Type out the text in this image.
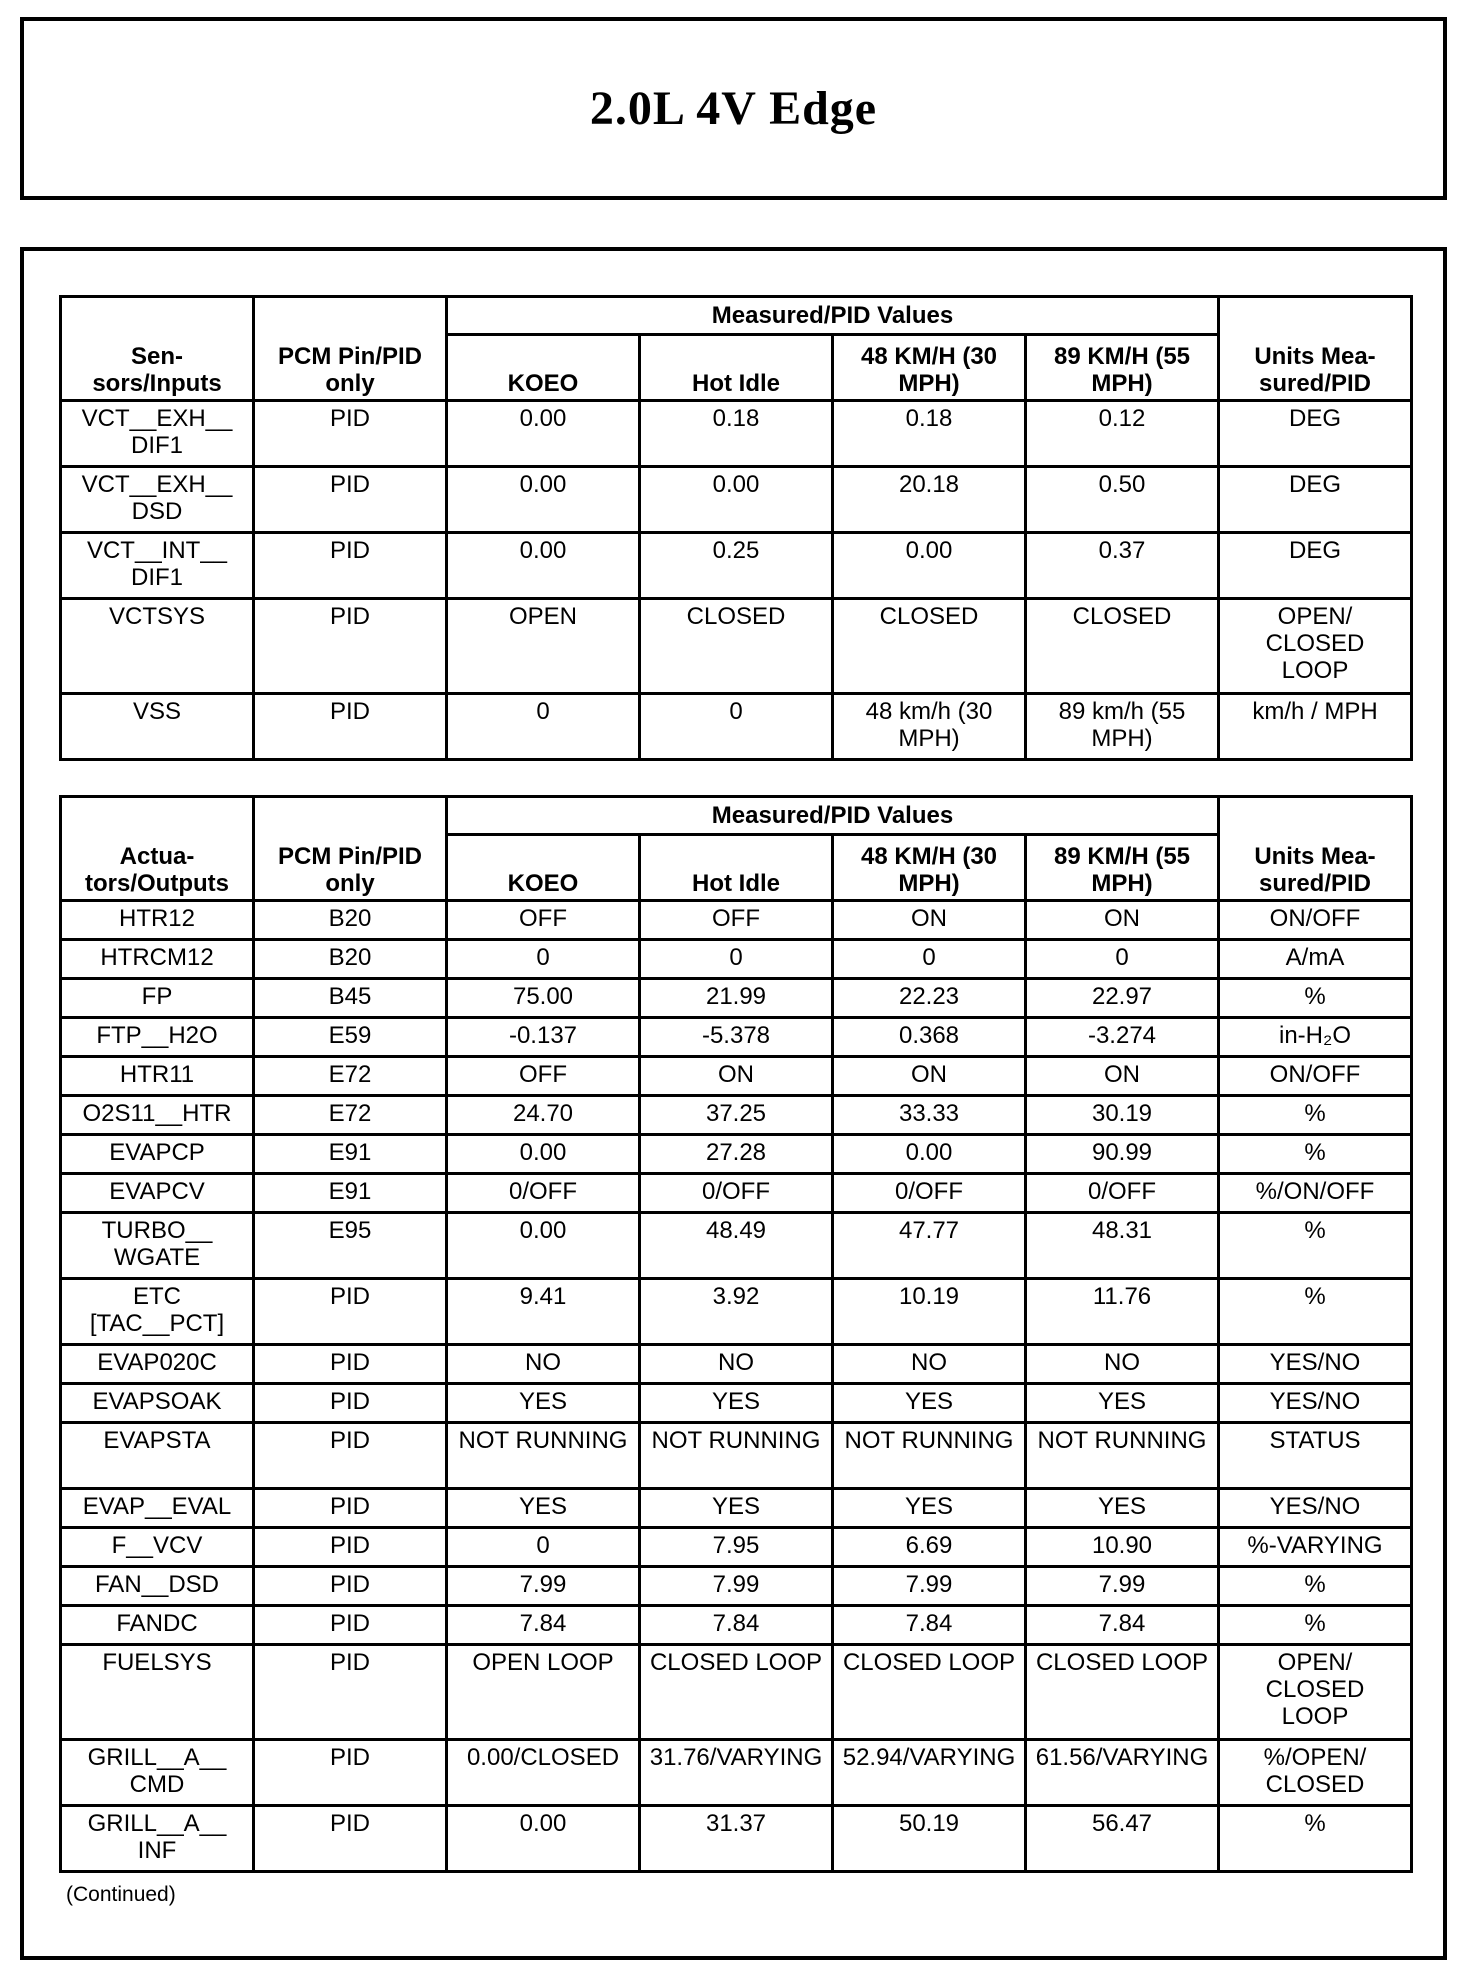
2.0L 4V Edge
Sen-
sors/Inputs	PCM Pin/PID only	Measured/PID Values				Units Mea-
sured/PID
		KOEO	Hot Idle	48 KM/H (30 MPH)	89 KM/H (55 MPH)	
VCT__EXH__
DIF1	PID	0.00	0.18	0.18	0.12	DEG
VCT__EXH__
DSD	PID	0.00	0.00	20.18	0.50	DEG
VCT__INT__
DIF1	PID	0.00	0.25	0.00	0.37	DEG
VCTSYS	PID	OPEN	CLOSED	CLOSED	CLOSED	OPEN/
CLOSED
LOOP
VSS	PID	0	0	48 km/h (30 MPH)	89 km/h (55 MPH)	km/h / MPH
Actua-
tors/Outputs	PCM Pin/PID only	Measured/PID Values				Units Mea-
sured/PID
		KOEO	Hot Idle	48 KM/H (30 MPH)	89 KM/H (55 MPH)	
HTR12	B20	OFF	OFF	ON	ON	ON/OFF
HTRCM12	B20	0	0	0	0	A/mA
FP	B45	75.00	21.99	22.23	22.97	%
FTP__H2O	E59	-0.137	-5.378	0.368	-3.274	in-H₂O
HTR11	E72	OFF	ON	ON	ON	ON/OFF
O2S11__HTR	E72	24.70	37.25	33.33	30.19	%
EVAPCP	E91	0.00	27.28	0.00	90.99	%
EVAPCV	E91	0/OFF	0/OFF	0/OFF	0/OFF	%/ON/OFF
TURBO__
WGATE	E95	0.00	48.49	47.77	48.31	%
ETC
[TAC__PCT]	PID	9.41	3.92	10.19	11.76	%
EVAP020C	PID	NO	NO	NO	NO	YES/NO
EVAPSOAK	PID	YES	YES	YES	YES	YES/NO
EVAPSTA	PID	NOT RUNNING	NOT RUNNING	NOT RUNNING	NOT RUNNING	STATUS
EVAP__EVAL	PID	YES	YES	YES	YES	YES/NO
F__VCV	PID	0	7.95	6.69	10.90	%-VARYING
FAN__DSD	PID	7.99	7.99	7.99	7.99	%
FANDC	PID	7.84	7.84	7.84	7.84	%
FUELSYS	PID	OPEN LOOP	CLOSED LOOP	CLOSED LOOP	CLOSED LOOP	OPEN/
CLOSED
LOOP
GRILL__A__
CMD	PID	0.00/CLOSED	31.76/VARYING	52.94/VARYING	61.56/VARYING	%/OPEN/
CLOSED
GRILL__A__
INF	PID	0.00	31.37	50.19	56.47	%
(Continued)
